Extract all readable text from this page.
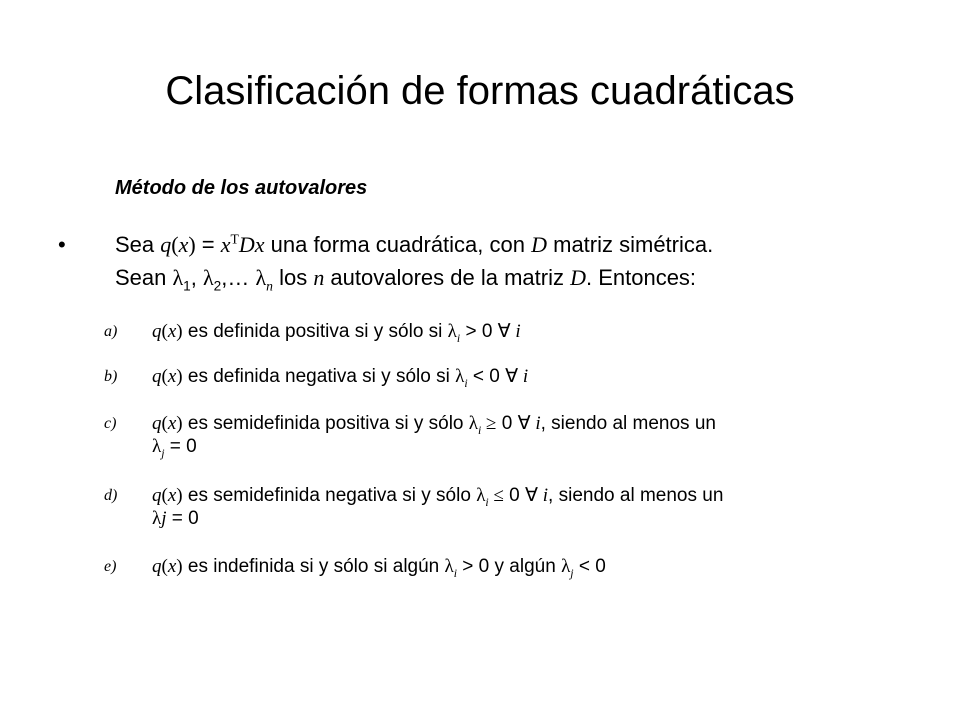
Clasificación de formas cuadráticas
Método de los autovalores
• Sea $q(x) = x^TDx$ una forma cuadrática, con D matriz simétrica.
Sean $\lambda_1$, $\lambda_2,\dots$ $\lambda_n$ los n autovalores de la matriz D. Entonces:
a)	q(x) es definida positiva si y sólo si $\lambda_i > 0$ ∀ i
b)	q(x) es definida negativa si y sólo si $\lambda_i < 0$ ∀ i
c)	q(x) es semidefinida positiva si y sólo $\lambda_i \ge 0$ ∀ i, siendo al menos un
$\lambda_j = 0$
d)	q(x) es semidefinida negativa si y sólo $\lambda_i \le 0$ ∀ i, siendo al menos un
λj = 0
e)	q(x) es indefinida si y sólo si algún $\lambda_i > 0$ y algún $\lambda_j < 0$
